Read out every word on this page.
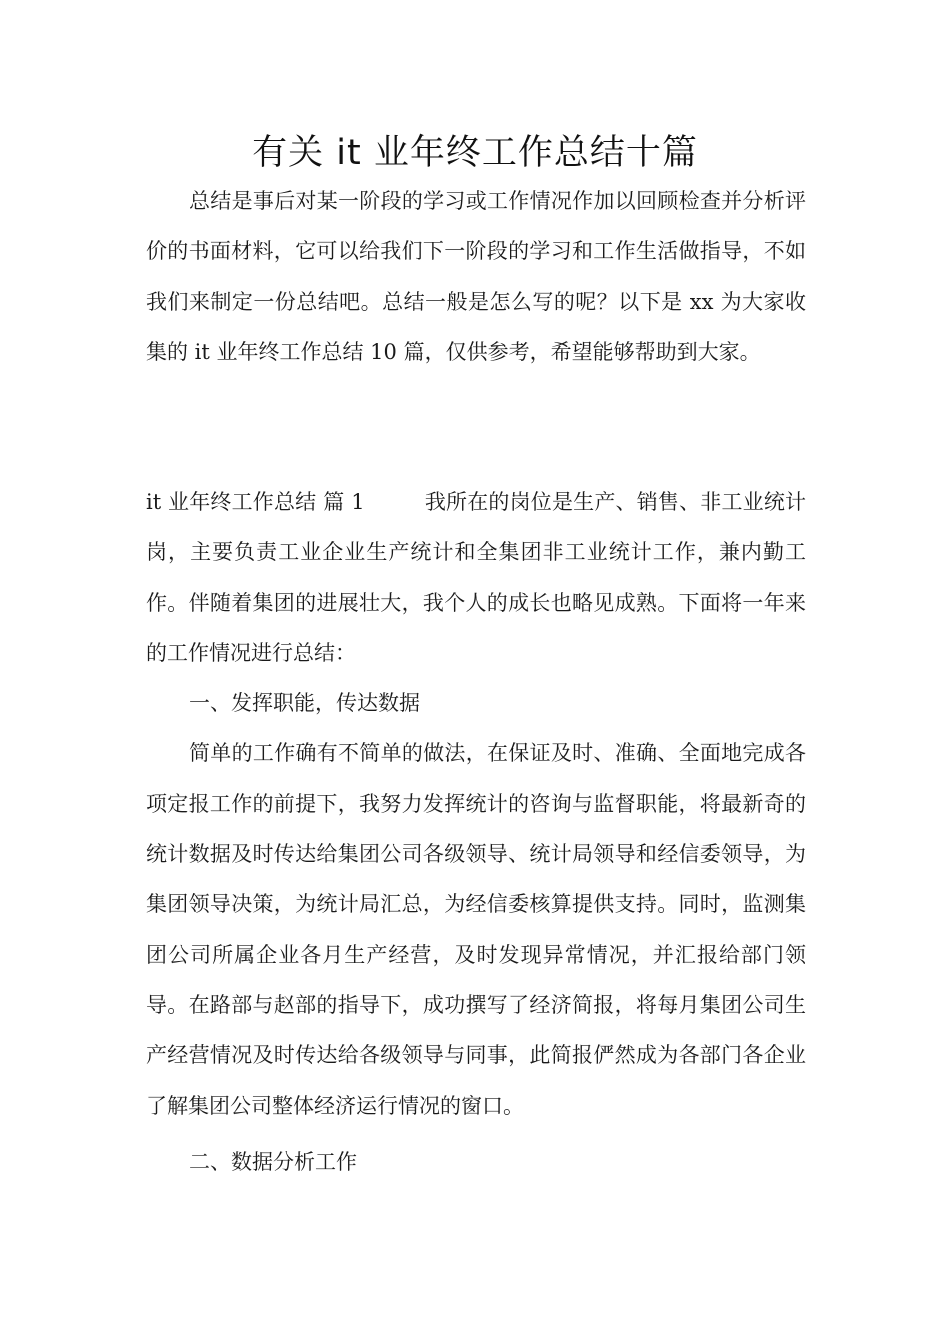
有关 it 业年终工作总结十篇

总结是事后对某一阶段的学习或工作情况作加以回顾检查并分析评价的书面材料，它可以给我们下一阶段的学习和工作生活做指导，不如我们来制定一份总结吧。总结一般是怎么写的呢？以下是 xx 为大家收集的 it 业年终工作总结 10 篇，仅供参考，希望能够帮助到大家。

it 业年终工作总结 篇 1	我所在的岗位是生产、销售、非工业统计岗，主要负责工业企业生产统计和全集团非工业统计工作，兼内勤工作。伴随着集团的进展壮大，我个人的成长也略见成熟。下面将一年来的工作情况进行总结：

一、发挥职能，传达数据

简单的工作确有不简单的做法，在保证及时、准确、全面地完成各项定报工作的前提下，我努力发挥统计的咨询与监督职能，将最新奇的统计数据及时传达给集团公司各级领导、统计局领导和经信委领导，为集团领导决策，为统计局汇总，为经信委核算提供支持。同时，监测集团公司所属企业各月生产经营，及时发现异常情况，并汇报给部门领导。在路部与赵部的指导下，成功撰写了经济简报，将每月集团公司生产经营情况及时传达给各级领导与同事，此简报俨然成为各部门各企业了解集团公司整体经济运行情况的窗口。

二、数据分析工作
